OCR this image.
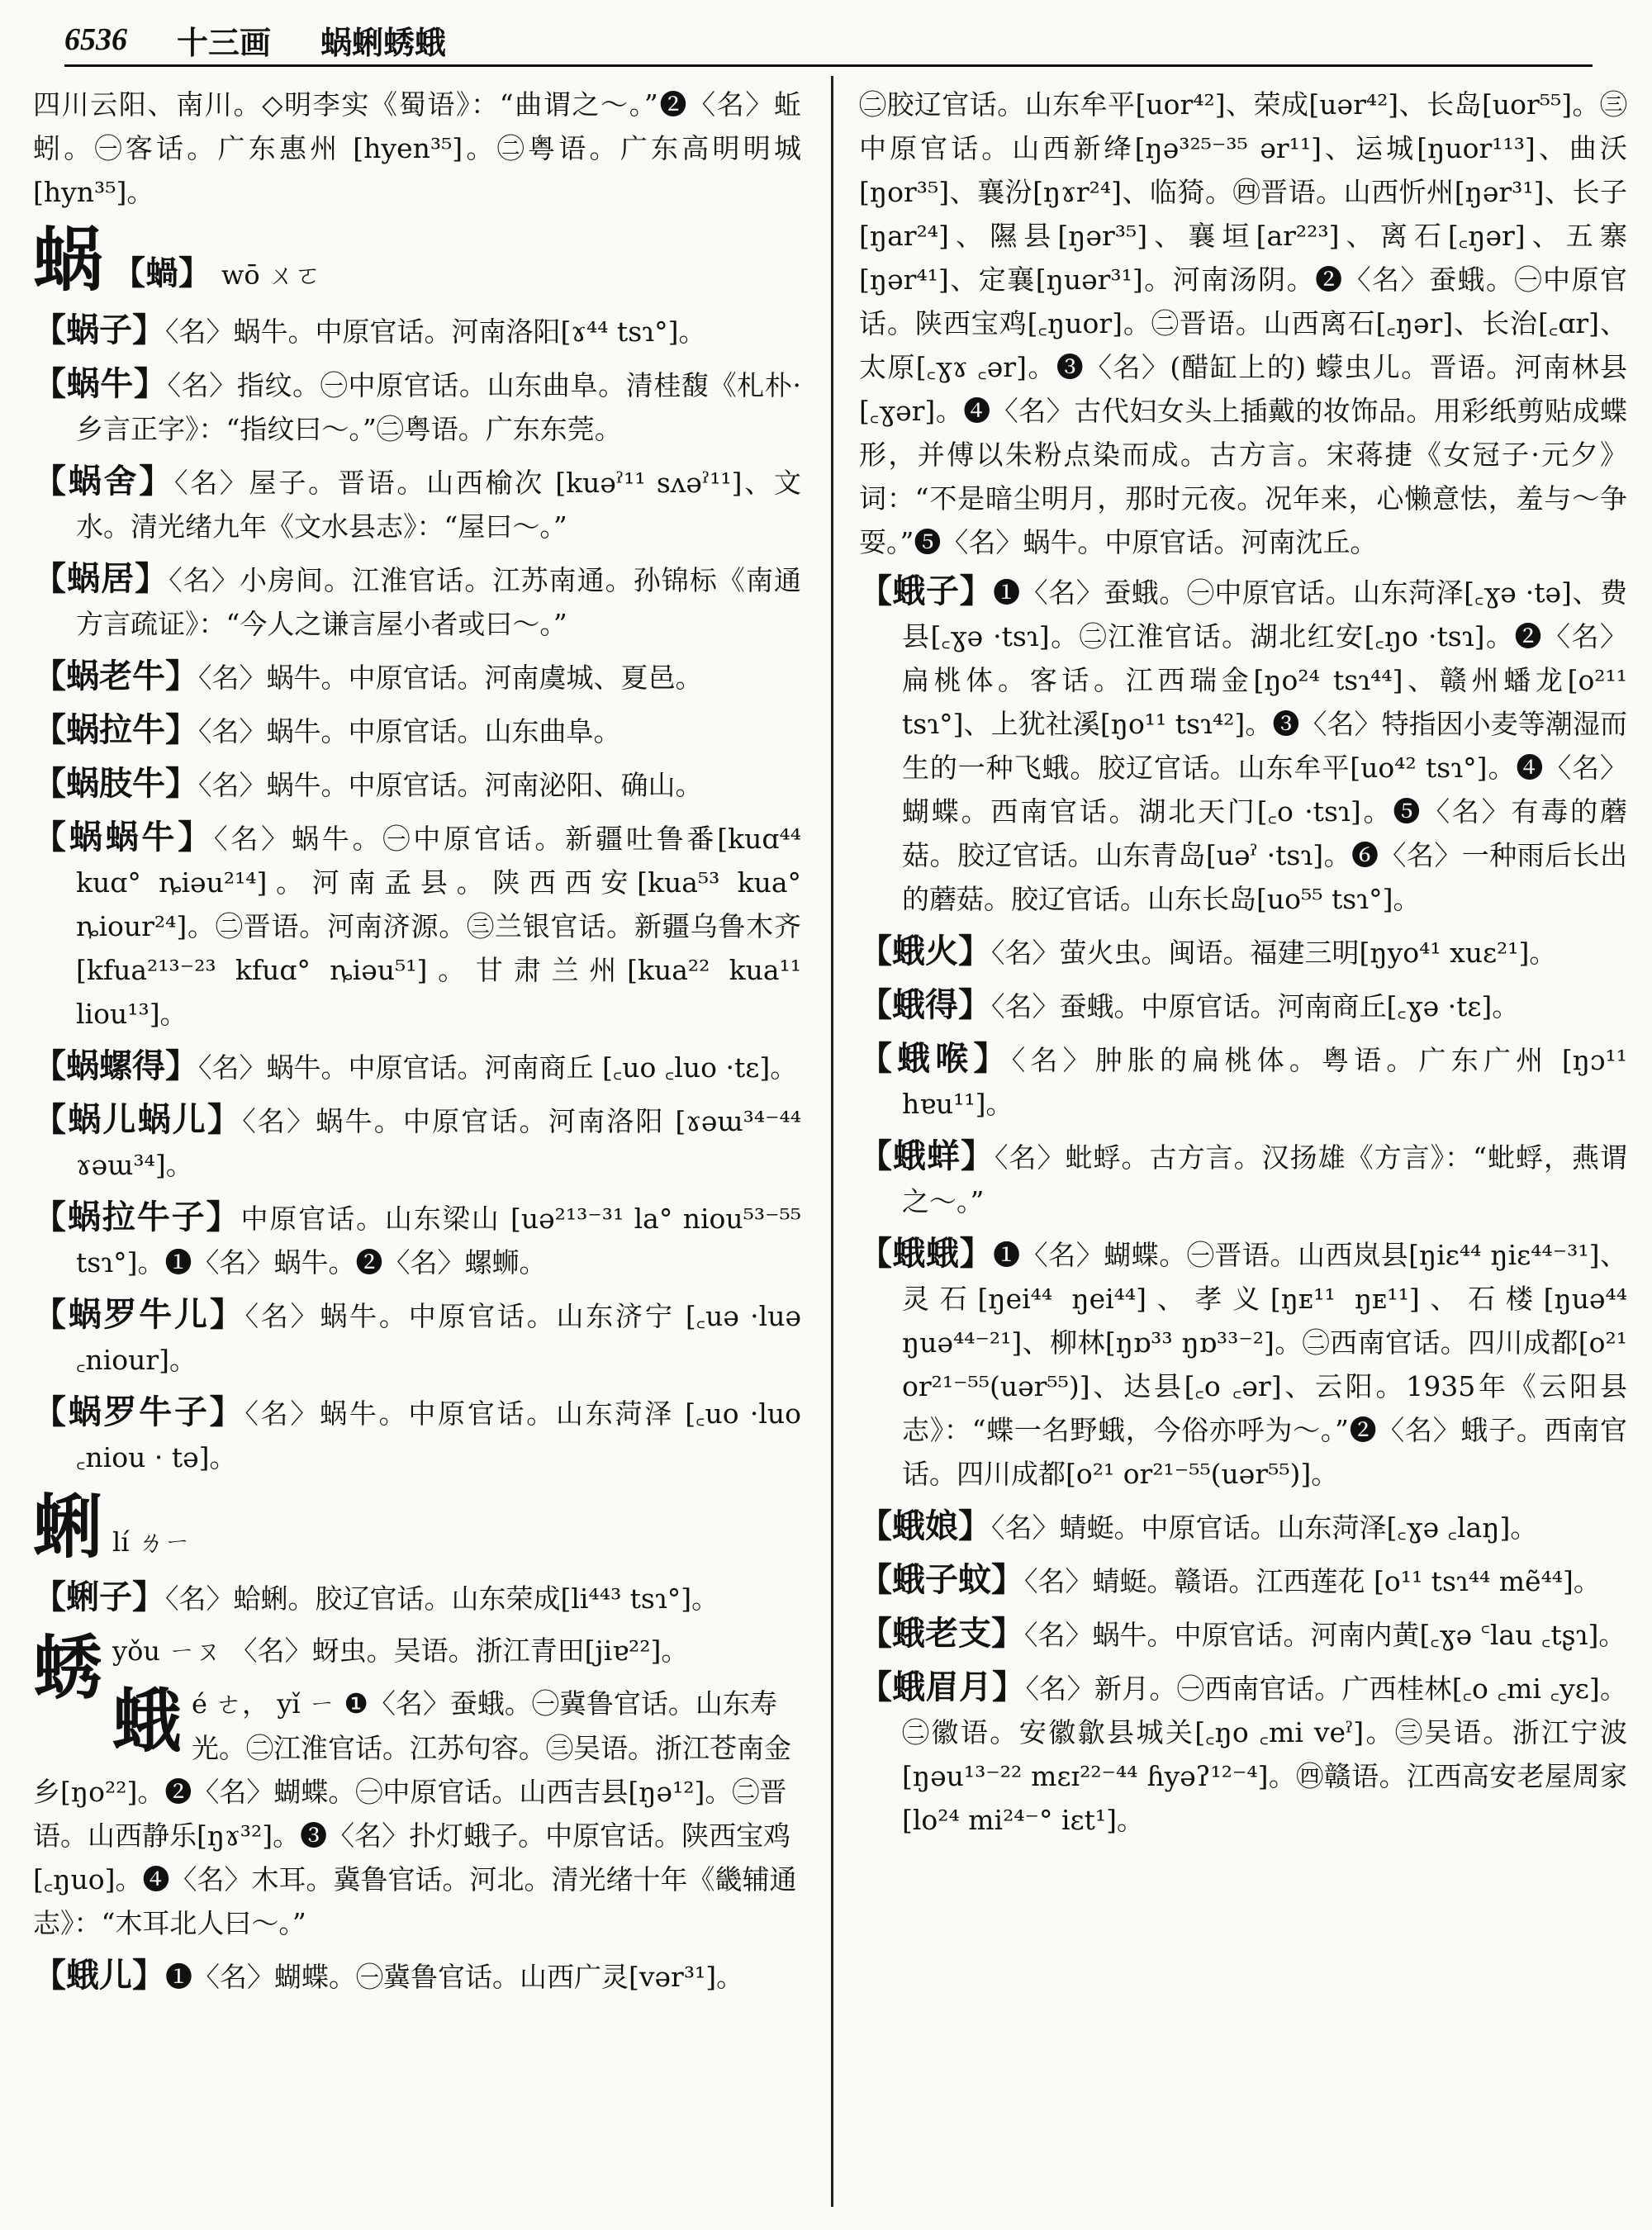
6536 十三画 蜗蜊蜏蛾

四川云阳、南川。◇明李实《蜀语》：“曲谓之～。”❷〈名〉蚯蚓。㊀客话。广东惠州 [hyen³⁵]。㊁粤语。广东高明明城[hyn³⁵]。

蜗 【蝸】 wō ㄨㄛ

【蜗子】〈名〉蜗牛。中原官话。河南洛阳[ɤ⁴⁴ tsɿ°]。

【蜗牛】〈名〉指纹。㊀中原官话。山东曲阜。清桂馥《札朴·乡言正字》：“指纹曰～。”㊁粤语。广东东莞。

【蜗舍】〈名〉屋子。晋语。山西榆次 [kuəˀ¹¹ sʌəˀ¹¹]、文水。清光绪九年《文水县志》：“屋曰～。”

【蜗居】〈名〉小房间。江淮官话。江苏南通。孙锦标《南通方言疏证》：“今人之谦言屋小者或曰～。”

【蜗老牛】〈名〉蜗牛。中原官话。河南虞城、夏邑。

【蜗拉牛】〈名〉蜗牛。中原官话。山东曲阜。

【蜗肢牛】〈名〉蜗牛。中原官话。河南泌阳、确山。

【蜗蜗牛】〈名〉蜗牛。㊀中原官话。新疆吐鲁番[kuɑ⁴⁴ kuɑ° ȵiəu²¹⁴]。河南孟县。陕西西安[kua⁵³ kua° ȵiour²⁴]。㊁晋语。河南济源。㊂兰银官话。新疆乌鲁木齐[kfua²¹³⁻²³ kfuɑ° ȵiəu⁵¹]。甘肃兰州[kua²² kua¹¹ liou¹³]。

【蜗螺得】〈名〉蜗牛。中原官话。河南商丘 [꜀uo ꜀luo ·tɛ]。

【蜗儿蜗儿】〈名〉蜗牛。中原官话。河南洛阳 [ɤəɯ³⁴⁻⁴⁴ ɤəɯ³⁴]。

【蜗拉牛子】中原官话。山东梁山 [uə²¹³⁻³¹ la° niou⁵³⁻⁵⁵ tsɿ°]。❶〈名〉蜗牛。❷〈名〉螺蛳。

【蜗罗牛儿】〈名〉蜗牛。中原官话。山东济宁 [꜀uə ·luə ꜀niour]。

【蜗罗牛子】〈名〉蜗牛。中原官话。山东菏泽 [꜀uo ·luo ꜀niou · tə]。

蜊 lí ㄌㄧ

【蜊子】〈名〉蛤蜊。胶辽官话。山东荣成[li⁴⁴³ tsɿ°]。

蜏yǒu ㄧㄡ 〈名〉蚜虫。吴语。浙江青田[jiɐ²²]。
蛾é ㄜ， yǐ ㄧ ❶〈名〉蚕蛾。㊀冀鲁官话。山东寿光。㊁江淮官话。江苏句容。㊂吴语。浙江苍南金乡[ŋo²²]。❷〈名〉蝴蝶。㊀中原官话。山西吉县[ŋə¹²]。㊁晋语。山西静乐[ŋɤ³²]。❸〈名〉扑灯蛾子。中原官话。陕西宝鸡[꜀ŋuo]。❹〈名〉木耳。冀鲁官话。河北。清光绪十年《畿辅通志》：“木耳北人曰～。”

【蛾儿】❶〈名〉蝴蝶。㊀冀鲁官话。山西广灵[vər³¹]。

㊁胶辽官话。山东牟平[uor⁴²]、荣成[uər⁴²]、长岛[uor⁵⁵]。㊂中原官话。山西新绛[ŋə³²⁵⁻³⁵ ər¹¹]、运城[ŋuor¹¹³]、曲沃[ŋor³⁵]、襄汾[ŋɤr²⁴]、临猗。㊃晋语。山西忻州[ŋər³¹]、长子[ŋar²⁴]、隰县[ŋər³⁵]、襄垣[ar²²³]、离石[꜀ŋər]、五寨[ŋər⁴¹]、定襄[ŋuər³¹]。河南汤阴。❷〈名〉蚕蛾。㊀中原官话。陕西宝鸡[꜀ŋuor]。㊁晋语。山西离石[꜀ŋər]、长治[꜀ɑr]、太原[꜀ɣɤ ꜀ər]。❸〈名〉(醋缸上的) 蠓虫儿。晋语。河南林县[꜀ɣər]。❹〈名〉古代妇女头上插戴的妆饰品。用彩纸剪贴成蝶形，并傅以朱粉点染而成。古方言。宋蒋捷《女冠子·元夕》词：“不是暗尘明月，那时元夜。况年来，心懒意怯，羞与～争耍。”❺〈名〉蜗牛。中原官话。河南沈丘。

【蛾子】❶〈名〉蚕蛾。㊀中原官话。山东菏泽[꜀ɣə ·tə]、费县[꜀ɣə ·tsɿ]。㊁江淮官话。湖北红安[꜀ŋo ·tsɿ]。❷〈名〉扁桃体。客话。江西瑞金[ŋo²⁴ tsɿ⁴⁴]、赣州蟠龙[o²¹¹ tsɿ°]、上犹社溪[ŋo¹¹ tsɿ⁴²]。❸〈名〉特指因小麦等潮湿而生的一种飞蛾。胶辽官话。山东牟平[uo⁴² tsɿ°]。❹〈名〉蝴蝶。西南官话。湖北天门[꜀o ·tsɿ]。❺〈名〉有毒的蘑菇。胶辽官话。山东青岛[uəˀ ·tsɿ]。❻〈名〉一种雨后长出的蘑菇。胶辽官话。山东长岛[uo⁵⁵ tsɿ°]。

【蛾火】〈名〉萤火虫。闽语。福建三明[ŋyo⁴¹ xuɛ²¹]。

【蛾得】〈名〉蚕蛾。中原官话。河南商丘[꜀ɣə ·tɛ]。

【蛾喉】〈名〉肿胀的扁桃体。粤语。广东广州 [ŋɔ¹¹ hɐu¹¹]。

【蛾蛘】〈名〉蚍蜉。古方言。汉扬雄《方言》：“蚍蜉，燕谓之～。”

【蛾蛾】❶〈名〉蝴蝶。㊀晋语。山西岚县[ŋiɛ⁴⁴ ŋiɛ⁴⁴⁻³¹]、灵石[ŋei⁴⁴ ŋei⁴⁴]、孝义[ŋᴇ¹¹ ŋᴇ¹¹]、石楼[ŋuə⁴⁴ ŋuə⁴⁴⁻²¹]、柳林[ŋɒ³³ ŋɒ³³⁻²]。㊁西南官话。四川成都[o²¹ or²¹⁻⁵⁵(uər⁵⁵)]、达县[꜀o ꜀ər]、云阳。1935年《云阳县志》：“蝶一名野蛾，今俗亦呼为～。”❷〈名〉蛾子。西南官话。四川成都[o²¹ or²¹⁻⁵⁵(uər⁵⁵)]。

【蛾娘】〈名〉蜻蜓。中原官话。山东菏泽[꜀ɣə ꜀laŋ]。

【蛾子蚊】〈名〉蜻蜓。赣语。江西莲花 [o¹¹ tsɿ⁴⁴ mẽ⁴⁴]。

【蛾老支】〈名〉蜗牛。中原官话。河南内黄[꜀ɣə ꜂lau ꜀tʂɿ]。

【蛾眉月】〈名〉新月。㊀西南官话。广西桂林[꜀o ꜀mi ꜀yɛ]。㊁徽语。安徽歙县城关[꜀ŋo ꜀mi veˀ]。㊂吴语。浙江宁波[ŋəu¹³⁻²² mɛɪ²²⁻⁴⁴ ɦyəʔ¹²⁻⁴]。㊃赣语。江西高安老屋周家[lo²⁴ mi²⁴⁻° iɛt¹]。
